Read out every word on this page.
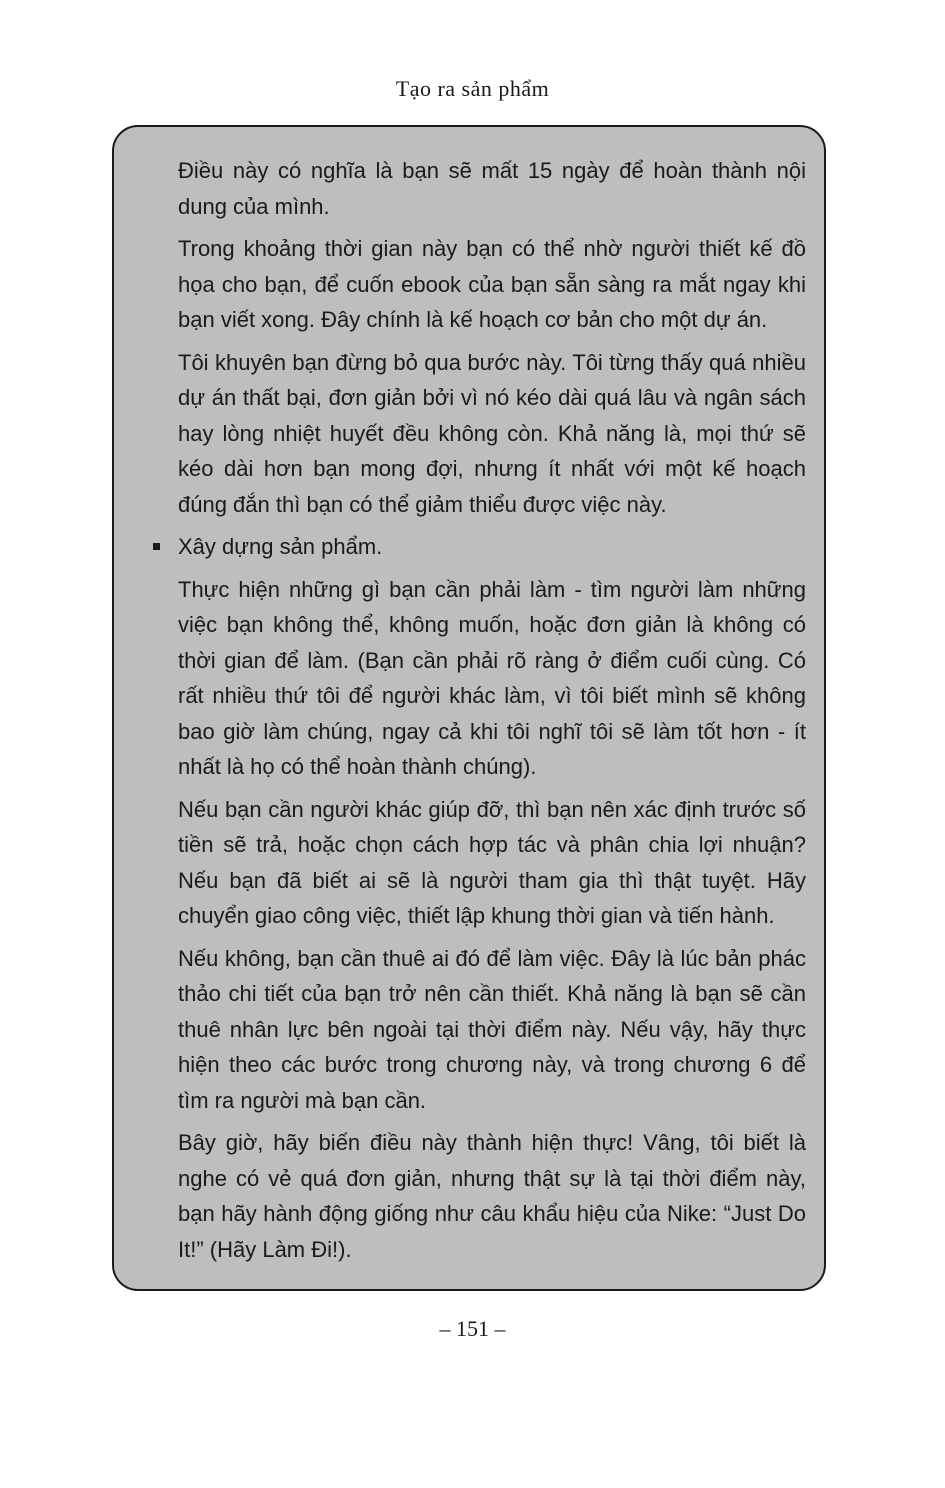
Tạo ra sản phẩm

Điều này có nghĩa là bạn sẽ mất 15 ngày để hoàn thành nội dung của mình.

Trong khoảng thời gian này bạn có thể nhờ người thiết kế đồ họa cho bạn, để cuốn ebook của bạn sẵn sàng ra mắt ngay khi bạn viết xong. Đây chính là kế hoạch cơ bản cho một dự án.

Tôi khuyên bạn đừng bỏ qua bước này. Tôi từng thấy quá nhiều dự án thất bại, đơn giản bởi vì nó kéo dài quá lâu và ngân sách hay lòng nhiệt huyết đều không còn. Khả năng là, mọi thứ sẽ kéo dài hơn bạn mong đợi, nhưng ít nhất với một kế hoạch đúng đắn thì bạn có thể giảm thiểu được việc này.

Xây dựng sản phẩm.

Thực hiện những gì bạn cần phải làm - tìm người làm những việc bạn không thể, không muốn, hoặc đơn giản là không có thời gian để làm. (Bạn cần phải rõ ràng ở điểm cuối cùng. Có rất nhiều thứ tôi để người khác làm, vì tôi biết mình sẽ không bao giờ làm chúng, ngay cả khi tôi nghĩ tôi sẽ làm tốt hơn - ít nhất là họ có thể hoàn thành chúng).

Nếu bạn cần người khác giúp đỡ, thì bạn nên xác định trước số tiền sẽ trả, hoặc chọn cách hợp tác và phân chia lợi nhuận? Nếu bạn đã biết ai sẽ là người tham gia thì thật tuyệt. Hãy chuyển giao công việc, thiết lập khung thời gian và tiến hành.

Nếu không, bạn cần thuê ai đó để làm việc. Đây là lúc bản phác thảo chi tiết của bạn trở nên cần thiết. Khả năng là bạn sẽ cần thuê nhân lực bên ngoài tại thời điểm này. Nếu vậy, hãy thực hiện theo các bước trong chương này, và trong chương 6 để tìm ra người mà bạn cần.

Bây giờ, hãy biến điều này thành hiện thực! Vâng, tôi biết là nghe có vẻ quá đơn giản, nhưng thật sự là tại thời điểm này, bạn hãy hành động giống như câu khẩu hiệu của Nike: “Just Do It!” (Hãy Làm Đi!).

– 151 –
